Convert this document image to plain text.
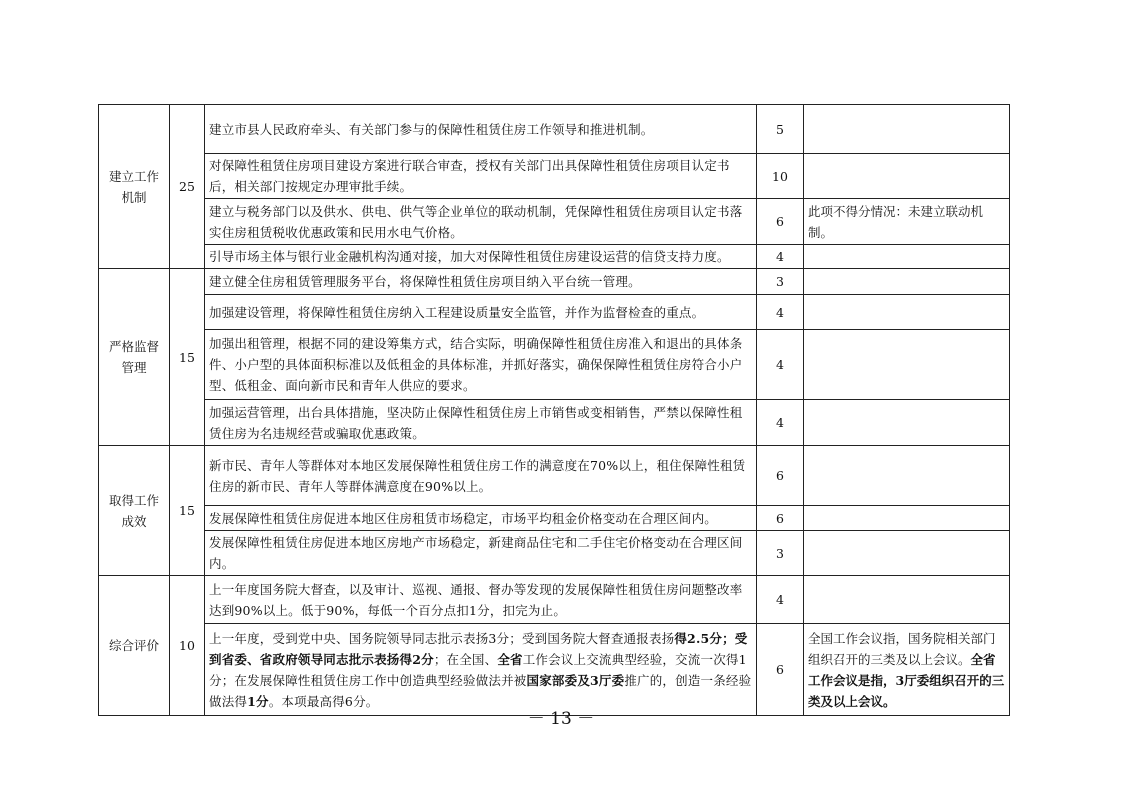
建立工作机制	25	建立市县人民政府牵头、有关部门参与的保障性租赁住房工作领导和推进机制。	5	
		对保障性租赁住房项目建设方案进行联合审查，授权有关部门出具保障性租赁住房项目认定书后，相关部门按规定办理审批手续。	10	
		建立与税务部门以及供水、供电、供气等企业单位的联动机制，凭保障性租赁住房项目认定书落实住房租赁税收优惠政策和民用水电气价格。	6	此项不得分情况：未建立联动机制。
		引导市场主体与银行业金融机构沟通对接，加大对保障性租赁住房建设运营的信贷支持力度。	4	
严格监督管理	15	建立健全住房租赁管理服务平台，将保障性租赁住房项目纳入平台统一管理。	3	
		加强建设管理，将保障性租赁住房纳入工程建设质量安全监管，并作为监督检查的重点。	4	
		加强出租管理，根据不同的建设筹集方式，结合实际，明确保障性租赁住房准入和退出的具体条件、小户型的具体面积标准以及低租金的具体标准，并抓好落实，确保保障性租赁住房符合小户型、低租金、面向新市民和青年人供应的要求。	4	
		加强运营管理，出台具体措施，坚决防止保障性租赁住房上市销售或变相销售，严禁以保障性租赁住房为名违规经营或骗取优惠政策。	4	
取得工作成效	15	新市民、青年人等群体对本地区发展保障性租赁住房工作的满意度在70%以上，租住保障性租赁住房的新市民、青年人等群体满意度在90%以上。	6	
		发展保障性租赁住房促进本地区住房租赁市场稳定，市场平均租金价格变动在合理区间内。	6	
		发展保障性租赁住房促进本地区房地产市场稳定，新建商品住宅和二手住宅价格变动在合理区间内。	3	
综合评价	10	上一年度国务院大督查，以及审计、巡视、通报、督办等发现的发展保障性租赁住房问题整改率达到90%以上。低于90%，每低一个百分点扣1分，扣完为止。	4	
		上一年度，受到党中央、国务院领导同志批示表扬3分；受到国务院大督查通报表扬得2.5分；受到省委、省政府领导同志批示表扬得2分；在全国、全省工作会议上交流典型经验，交流一次得1分；在发展保障性租赁住房工作中创造典型经验做法并被国家部委及3厅委推广的，创造一条经验做法得1分。本项最高得6分。	6	全国工作会议指，国务院相关部门组织召开的三类及以上会议。全省工作会议是指，3厅委组织召开的三类及以上会议。
－ 13 －
